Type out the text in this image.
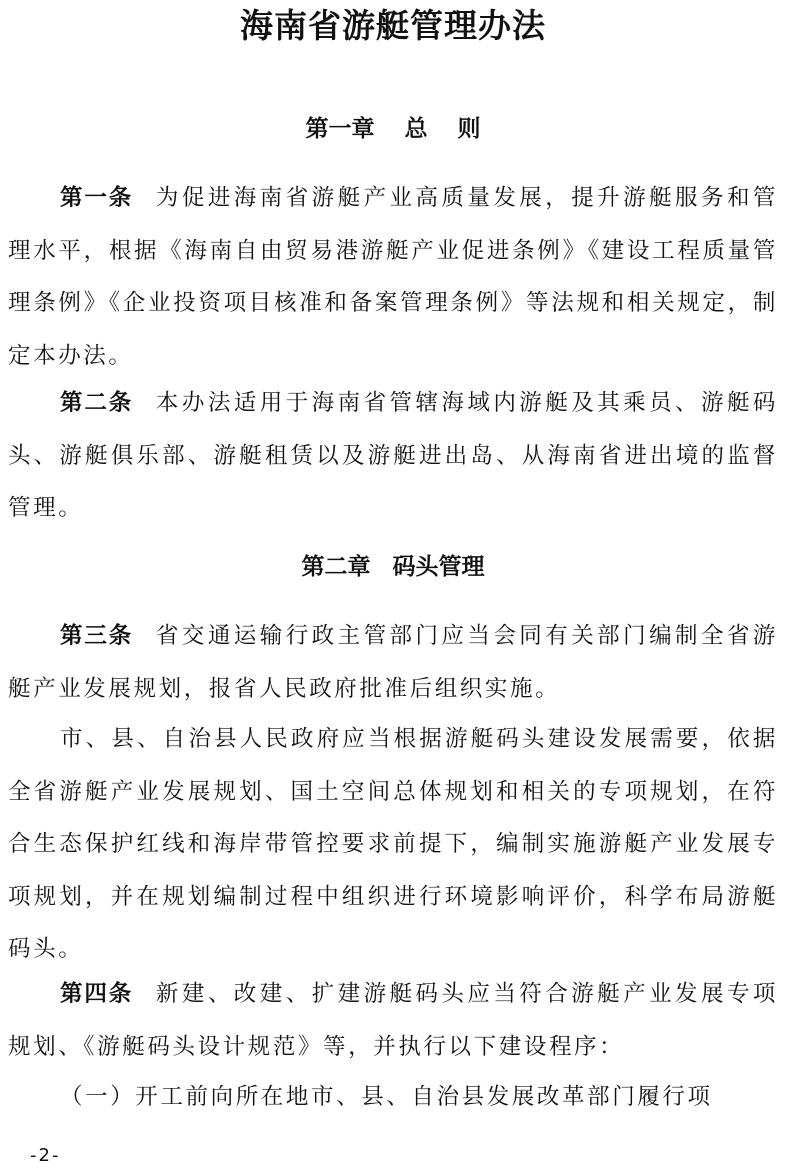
海南省游艇管理办法
第一章 总 则

第一条 为促进海南省游艇产业高质量发展，提升游艇服务和管理水平，根据《海南自由贸易港游艇产业促进条例》《建设工程质量管理条例》《企业投资项目核准和备案管理条例》等法规和相关规定，制定本办法。

第二条 本办法适用于海南省管辖海域内游艇及其乘员、游艇码头、游艇俱乐部、游艇租赁以及游艇进出岛、从海南省进出境的监督管理。

第二章 码头管理

第三条 省交通运输行政主管部门应当会同有关部门编制全省游艇产业发展规划，报省人民政府批准后组织实施。

市、县、自治县人民政府应当根据游艇码头建设发展需要，依据全省游艇产业发展规划、国土空间总体规划和相关的专项规划，在符合生态保护红线和海岸带管控要求前提下，编制实施游艇产业发展专项规划，并在规划编制过程中组织进行环境影响评价，科学布局游艇码头。

第四条 新建、改建、扩建游艇码头应当符合游艇产业发展专项规划、《游艇码头设计规范》等，并执行以下建设程序：

（一）开工前向所在地市、县、自治县发展改革部门履行项

-2-
